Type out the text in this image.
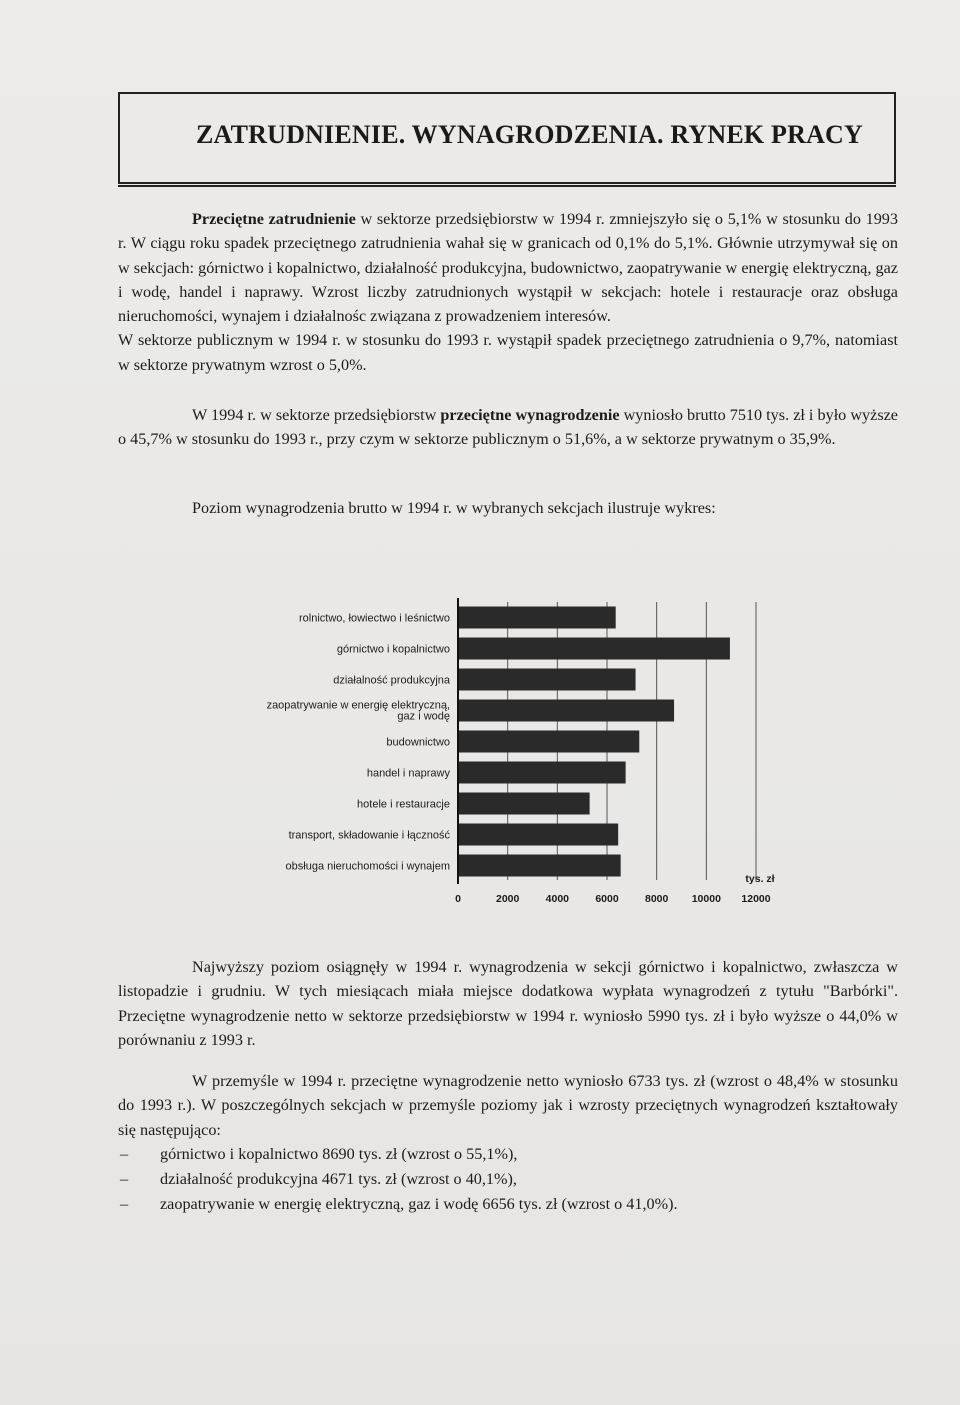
ZATRUDNIENIE. WYNAGRODZENIA. RYNEK PRACY

Przeciętne zatrudnienie w sektorze przedsiębiorstw w 1994 r. zmniejszyło się o 5,1% w stosunku do 1993 r. W ciągu roku spadek przeciętnego zatrudnienia wahał się w granicach od 0,1% do 5,1%. Głównie utrzymywał się on w sekcjach: górnictwo i kopalnictwo, działalność produkcyjna, budownictwo, zaopatrywanie w energię elektryczną, gaz i wodę, handel i naprawy. Wzrost liczby zatrudnionych wystąpił w sekcjach: hotele i restauracje oraz obsługa nieruchomości, wynajem i działalnośc związana z prowadzeniem interesów.

W sektorze publicznym w 1994 r. w stosunku do 1993 r. wystąpił spadek przeciętnego zatrudnienia o 9,7%, natomiast w sektorze prywatnym wzrost o 5,0%.

W 1994 r. w sektorze przedsiębiorstw przeciętne wynagrodzenie wyniosło brutto 7510 tys. zł i było wyższe o 45,7% w stosunku do 1993 r., przy czym w sektorze publicznym o 51,6%, a w sektorze prywatnym o 35,9%.

Poziom wynagrodzenia brutto w 1994 r. w wybranych sekcjach ilustruje wykres:

rolnictwo, łowiectwo i leśnictwo
górnictwo i kopalnictwo
działalność produkcyjna
zaopatrywanie w energię elektryczną,
gaz i wodę
budownictwo
handel i naprawy
hotele i restauracje
transport, składowanie i łączność
obsługa nieruchomości i wynajem
0	2000	4000	6000	8000 10000 12000
tys. zł

Najwyższy poziom osiągnęły w 1994 r. wynagrodzenia w sekcji górnictwo i kopalnictwo, zwłaszcza w listopadzie i grudniu. W tych miesiącach miała miejsce dodatkowa wypłata wynagrodzeń z tytułu "Barbórki". Przeciętne wynagrodzenie netto w sektorze przedsiębiorstw w 1994 r. wyniosło 5990 tys. zł i było wyższe o 44,0% w porównaniu z 1993 r.

W przemyśle w 1994 r. przeciętne wynagrodzenie netto wyniosło 6733 tys. zł (wzrost o 48,4% w stosunku do 1993 r.). W poszczególnych sekcjach w przemyśle poziomy jak i wzrosty przeciętnych wynagrodzeń kształtowały się następująco:

– górnictwo i kopalnictwo 8690 tys. zł (wzrost o 55,1%),
– działalność produkcyjna 4671 tys. zł (wzrost o 40,1%),
– zaopatrywanie w energię elektryczną, gaz i wodę 6656 tys. zł (wzrost o 41,0%).
